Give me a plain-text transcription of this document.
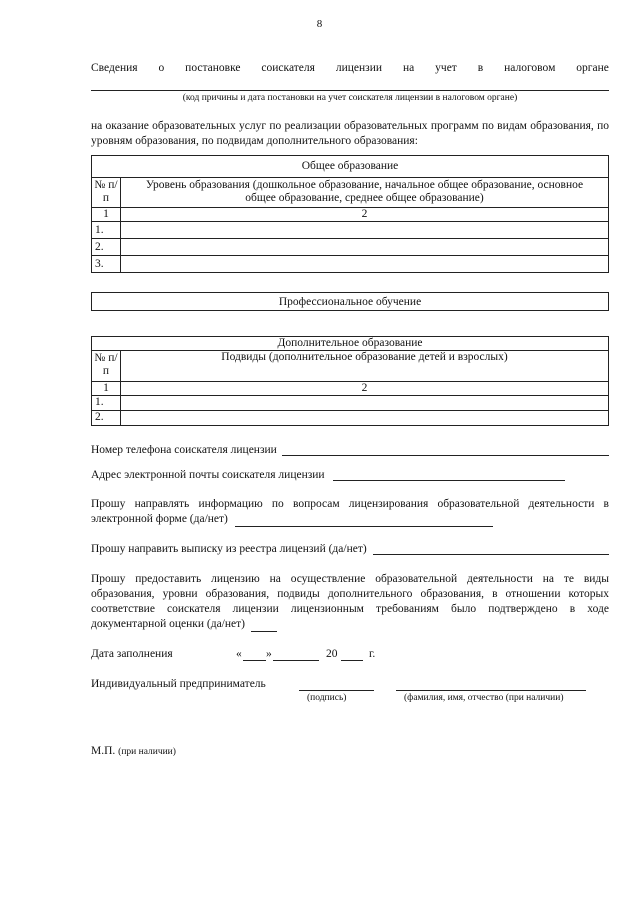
8
Сведения о постановке соискателя лицензии на учет в налоговом органе
(код причины и дата постановки на учет соискателя лицензии в налоговом органе)
на оказание образовательных услуг по реализации образовательных программ по видам образования, по уровням образования, по подвидам дополнительного образования:
Общее образование	
№ п/п	Уровень образования (дошкольное образование, начальное общее образование, основное общее образование, среднее общее образование)
1	2
1.	
2.	
3.	
Профессиональное обучение
Дополнительное образование	
№ п/п	Подвиды (дополнительное образование детей и взрослых)
1	2
1.	
2.	
Номер телефона соискателя лицензии
Адрес электронной почты соискателя лицензии
Прошу направлять информацию по вопросам лицензирования образовательной деятельности в электронной форме (да/нет)
Прошу направить выписку из реестра лицензий (да/нет)
Прошу предоставить лицензию на осуществление образовательной деятельности на те виды образования, уровни образования, подвиды дополнительного образования, в отношении которых соответствие соискателя лицензии лицензионным требованиям было подтверждено в ходе документарной оценки (да/нет)
Дата заполнения	« »	20	г.
Индивидуальный предприниматель
(подпись)	(фамилия, имя, отчество (при наличии)
М.П. (при наличии)
